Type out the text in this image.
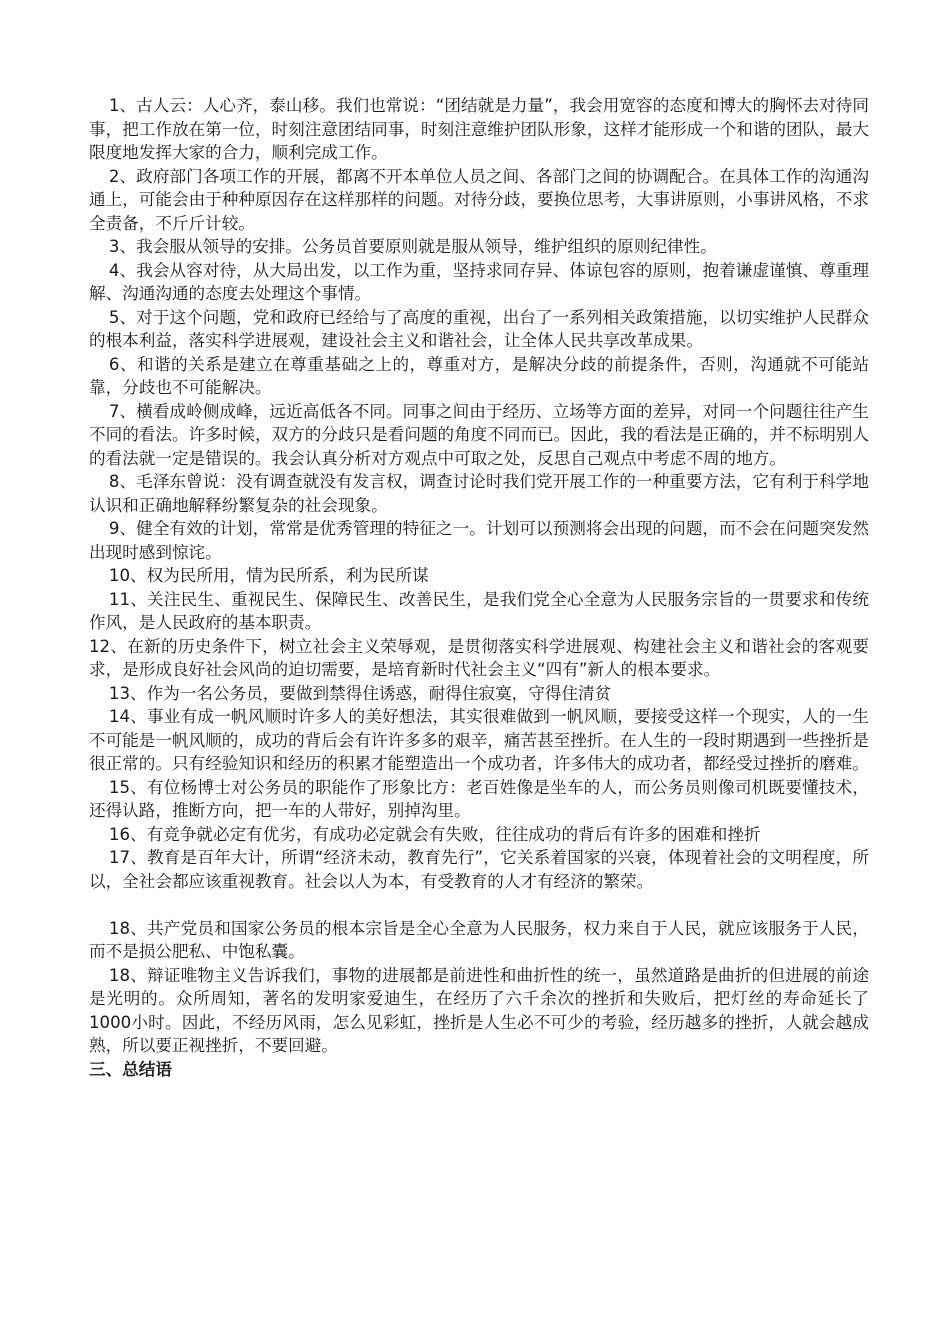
1、古人云：人心齐，泰山移。我们也常说：“团结就是力量”，我会用宽容的态度和博大的胸怀去对待同事，把工作放在第一位，时刻注意团结同事，时刻注意维护团队形象，这样才能形成一个和谐的团队，最大限度地发挥大家的合力，顺利完成工作。

2、政府部门各项工作的开展，都离不开本单位人员之间、各部门之间的协调配合。在具体工作的沟通沟通上，可能会由于种种原因存在这样那样的问题。对待分歧，要换位思考，大事讲原则，小事讲风格，不求全责备，不斤斤计较。

3、我会服从领导的安排。公务员首要原则就是服从领导，维护组织的原则纪律性。

4、我会从容对待，从大局出发，以工作为重，坚持求同存异、体谅包容的原则，抱着谦虚谨慎、尊重理解、沟通沟通的态度去处理这个事情。

5、对于这个问题，党和政府已经给与了高度的重视，出台了一系列相关政策措施，以切实维护人民群众的根本利益，落实科学进展观，建设社会主义和谐社会，让全体人民共享改革成果。

6、和谐的关系是建立在尊重基础之上的，尊重对方，是解决分歧的前提条件，否则，沟通就不可能站靠，分歧也不可能解决。

7、横看成岭侧成峰，远近高低各不同。同事之间由于经历、立场等方面的差异，对同一个问题往往产生不同的看法。许多时候，双方的分歧只是看问题的角度不同而已。因此，我的看法是正确的，并不标明别人的看法就一定是错误的。我会认真分析对方观点中可取之处，反思自己观点中考虑不周的地方。

8、毛泽东曾说：没有调查就没有发言权，调查讨论时我们党开展工作的一种重要方法，它有利于科学地认识和正确地解释纷繁复杂的社会现象。

9、健全有效的计划，常常是优秀管理的特征之一。计划可以预测将会出现的问题，而不会在问题突发然出现时感到惊诧。

10、权为民所用，情为民所系，利为民所谋

11、关注民生、重视民生、保障民生、改善民生，是我们党全心全意为人民服务宗旨的一贯要求和传统作风，是人民政府的基本职责。

12、在新的历史条件下，树立社会主义荣辱观，是贯彻落实科学进展观、构建社会主义和谐社会的客观要求，是形成良好社会风尚的迫切需要，是培育新时代社会主义“四有”新人的根本要求。

13、作为一名公务员，要做到禁得住诱惑，耐得住寂寞，守得住清贫

14、事业有成一帆风顺时许多人的美好想法，其实很难做到一帆风顺，要接受这样一个现实，人的一生不可能是一帆风顺的，成功的背后会有许许多多的艰辛，痛苦甚至挫折。在人生的一段时期遇到一些挫折是很正常的。只有经验知识和经历的积累才能塑造出一个成功者，许多伟大的成功者，都经受过挫折的磨难。

15、有位杨博士对公务员的职能作了形象比方：老百姓像是坐车的人，而公务员则像司机既要懂技术，还得认路，推断方向，把一车的人带好，别掉沟里。

16、有竞争就必定有优劣，有成功必定就会有失败，往往成功的背后有许多的困难和挫折

17、教育是百年大计，所谓“经济未动，教育先行”，它关系着国家的兴衰，体现着社会的文明程度，所以，全社会都应该重视教育。社会以人为本，有受教育的人才有经济的繁荣。

18、共产党员和国家公务员的根本宗旨是全心全意为人民服务，权力来自于人民，就应该服务于人民，而不是损公肥私、中饱私囊。

18、辩证唯物主义告诉我们，事物的进展都是前进性和曲折性的统一，虽然道路是曲折的但进展的前途是光明的。众所周知，著名的发明家爱迪生，在经历了六千余次的挫折和失败后，把灯丝的寿命延长了1000小时。因此，不经历风雨，怎么见彩虹，挫折是人生必不可少的考验，经历越多的挫折，人就会越成熟，所以要正视挫折，不要回避。

三、总结语
